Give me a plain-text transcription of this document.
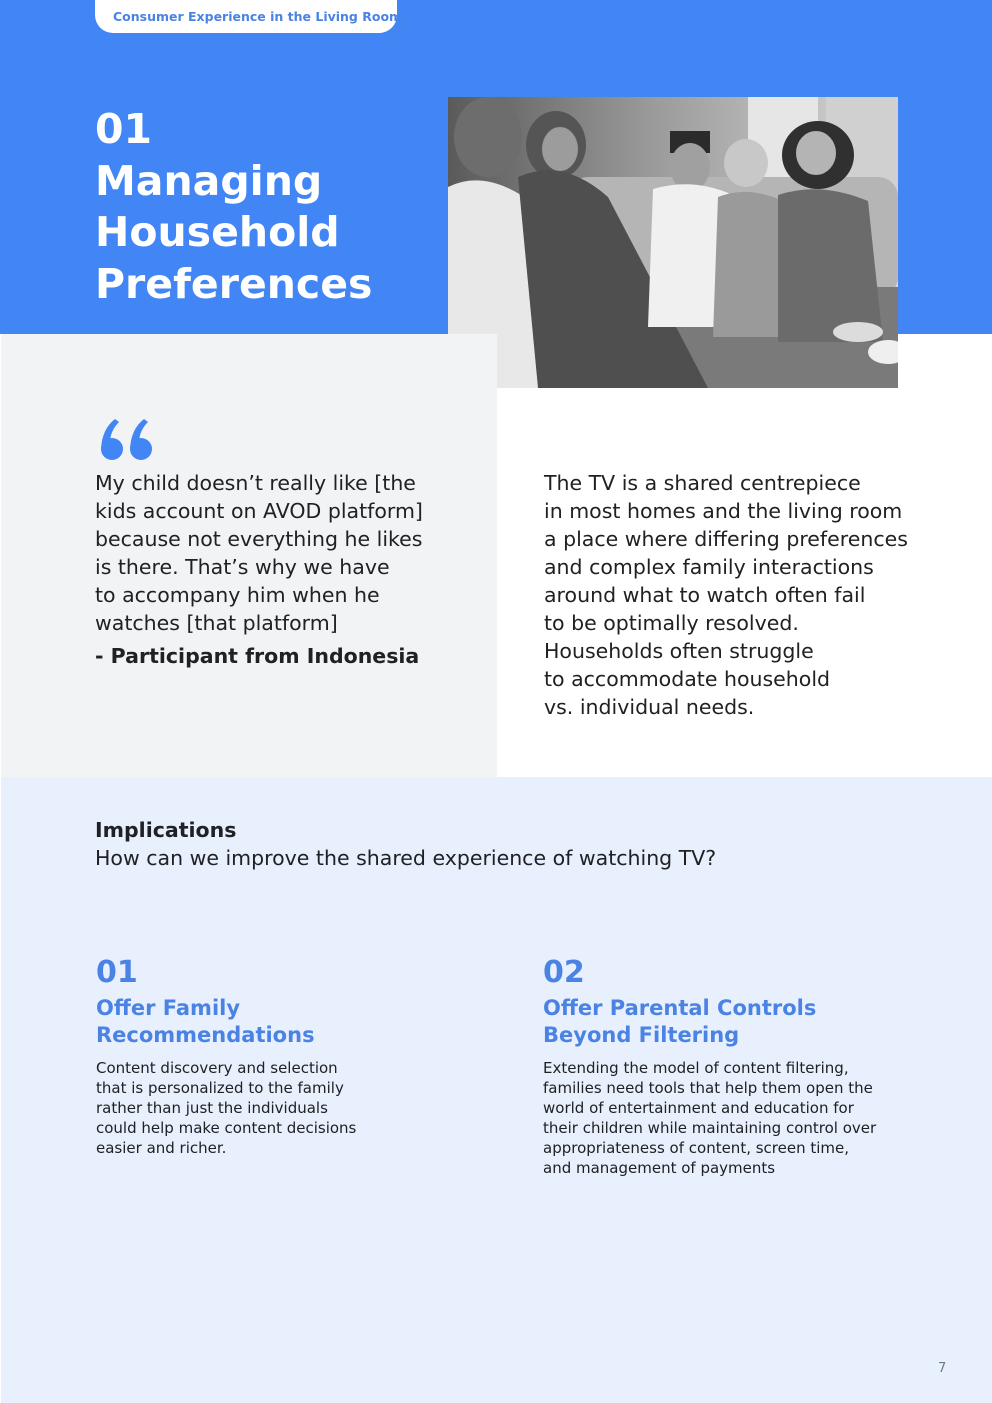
Consumer Experience in the Living Room
01
Managing
Household
Preferences
My child doesn’t really like [the
kids account on AVOD platform]
because not everything he likes
is there. That’s why we have
to accompany him when he
watches [that platform]
- Participant from Indonesia
The TV is a shared centrepiece
in most homes and the living room
a place where differing preferences
and complex family interactions
around what to watch often fail
to be optimally resolved.
Households often struggle
to accommodate household
vs. individual needs.
Implications
How can we improve the shared experience of watching TV?
01
Offer Family
Recommendations
Content discovery and selection
that is personalized to the family
rather than just the individuals
could help make content decisions
easier and richer.
02
Offer Parental Controls
Beyond Filtering
Extending the model of content filtering,
families need tools that help them open the
world of entertainment and education for
their children while maintaining control over
appropriateness of content, screen time,
and management of payments
7
